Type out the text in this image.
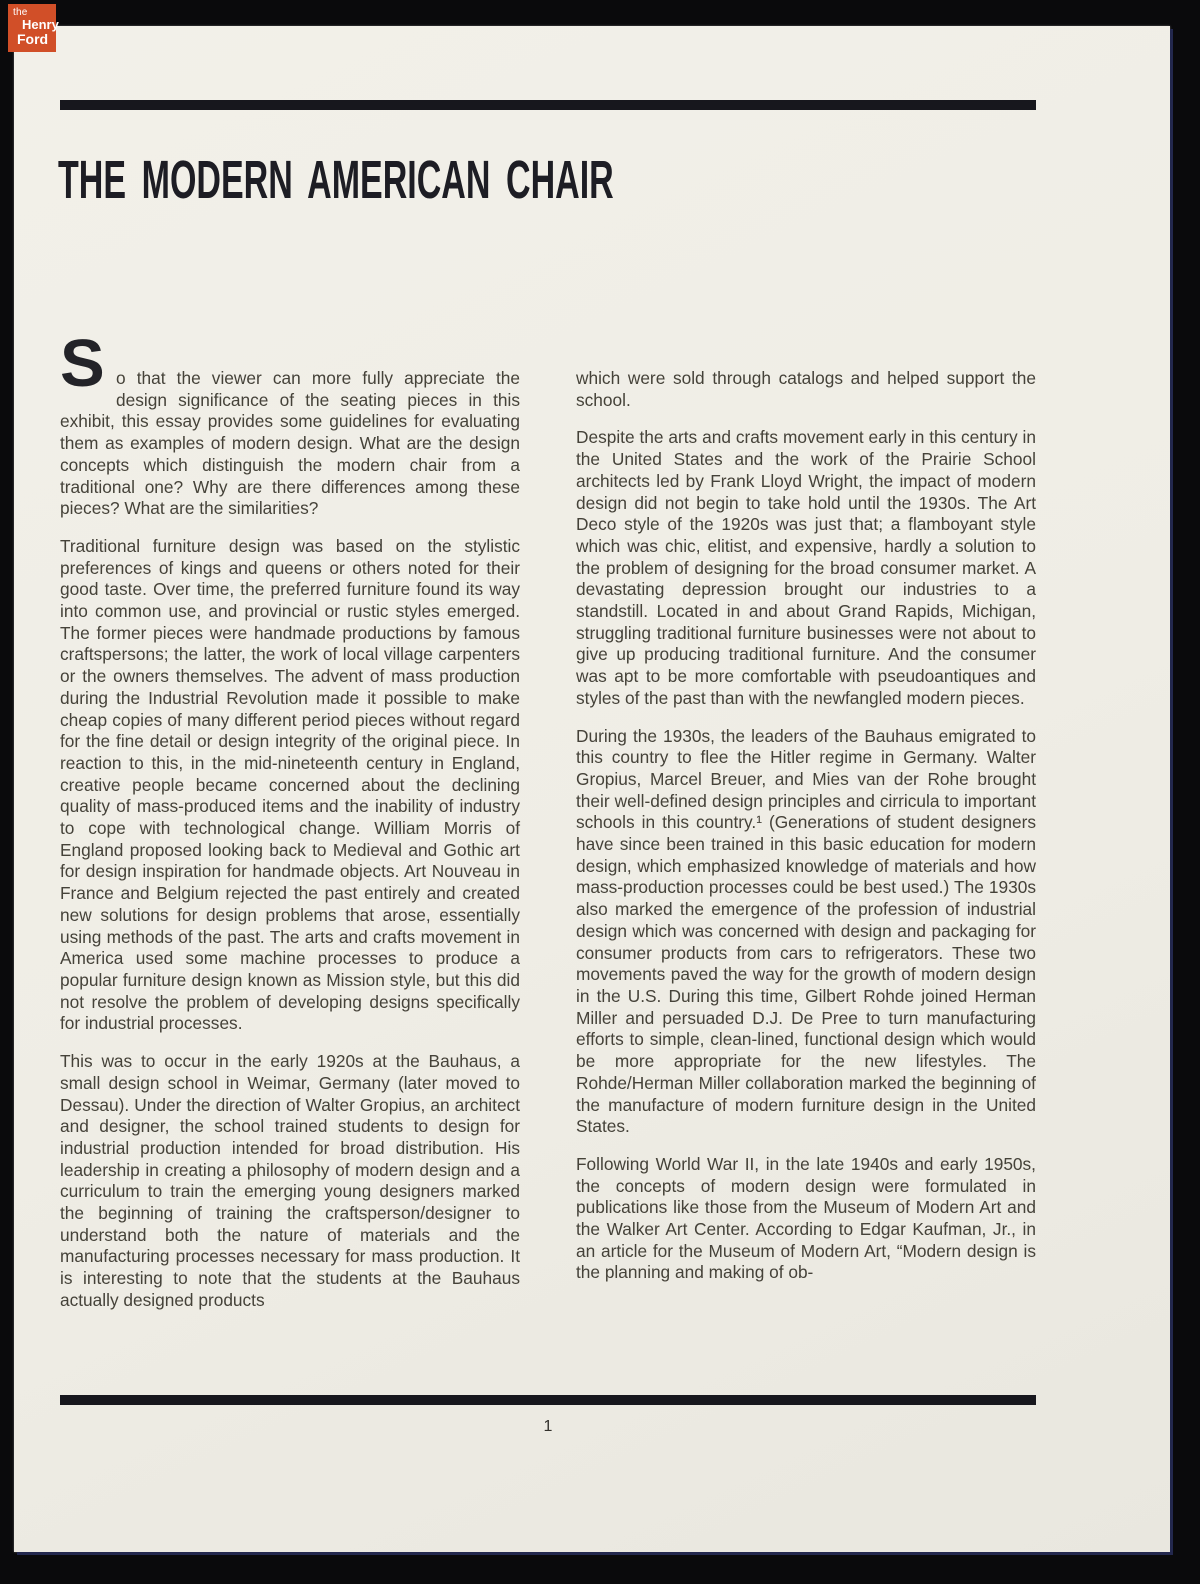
THE MODERN AMERICAN CHAIR

S o that the viewer can more fully appreciate the design significance of the seating pieces in this exhibit, this essay provides some guidelines for evaluating them as examples of modern design. What are the design concepts which distinguish the modern chair from a traditional one? Why are there differences among these pieces? What are the similarities?

Traditional furniture design was based on the stylistic preferences of kings and queens or others noted for their good taste. Over time, the preferred furniture found its way into common use, and provincial or rustic styles emerged. The former pieces were handmade productions by famous craftspersons; the latter, the work of local village carpenters or the owners themselves. The advent of mass production during the Industrial Revolution made it possible to make cheap copies of many different period pieces without regard for the fine detail or design integrity of the original piece. In reaction to this, in the mid-nineteenth century in England, creative people became concerned about the declining quality of mass-produced items and the inability of industry to cope with technological change. William Morris of England proposed looking back to Medieval and Gothic art for design inspiration for handmade objects. Art Nouveau in France and Belgium rejected the past entirely and created new solutions for design problems that arose, essentially using methods of the past. The arts and crafts movement in America used some machine processes to produce a popular furniture design known as Mission style, but this did not resolve the problem of developing designs specifically for industrial processes.

This was to occur in the early 1920s at the Bauhaus, a small design school in Weimar, Germany (later moved to Dessau). Under the direction of Walter Gropius, an architect and designer, the school trained students to design for industrial production intended for broad distribution. His leadership in creating a philosophy of modern design and a curriculum to train the emerging young designers marked the beginning of training the craftsperson/designer to understand both the nature of materials and the manufacturing processes necessary for mass production. It is interesting to note that the students at the Bauhaus actually designed products

which were sold through catalogs and helped support the school.

Despite the arts and crafts movement early in this century in the United States and the work of the Prairie School architects led by Frank Lloyd Wright, the impact of modern design did not begin to take hold until the 1930s. The Art Deco style of the 1920s was just that; a flamboyant style which was chic, elitist, and expensive, hardly a solution to the problem of designing for the broad consumer market. A devastating depression brought our industries to a standstill. Located in and about Grand Rapids, Michigan, struggling traditional furniture businesses were not about to give up producing traditional furniture. And the consumer was apt to be more comfortable with pseudoantiques and styles of the past than with the newfangled modern pieces.

During the 1930s, the leaders of the Bauhaus emigrated to this country to flee the Hitler regime in Germany. Walter Gropius, Marcel Breuer, and Mies van der Rohe brought their well-defined design principles and cirricula to important schools in this country.¹ (Generations of student designers have since been trained in this basic education for modern design, which emphasized knowledge of materials and how mass-production processes could be best used.) The 1930s also marked the emergence of the profession of industrial design which was concerned with design and packaging for consumer products from cars to refrigerators. These two movements paved the way for the growth of modern design in the U.S. During this time, Gilbert Rohde joined Herman Miller and persuaded D.J. De Pree to turn manufacturing efforts to simple, clean-lined, functional design which would be more appropriate for the new lifestyles. The Rohde/Herman Miller collaboration marked the beginning of the manufacture of modern furniture design in the United States.

Following World War II, in the late 1940s and early 1950s, the concepts of modern design were formulated in publications like those from the Museum of Modern Art and the Walker Art Center. According to Edgar Kaufman, Jr., in an article for the Museum of Modern Art, “Modern design is the planning and making of ob-

1
the
Henry
Ford
